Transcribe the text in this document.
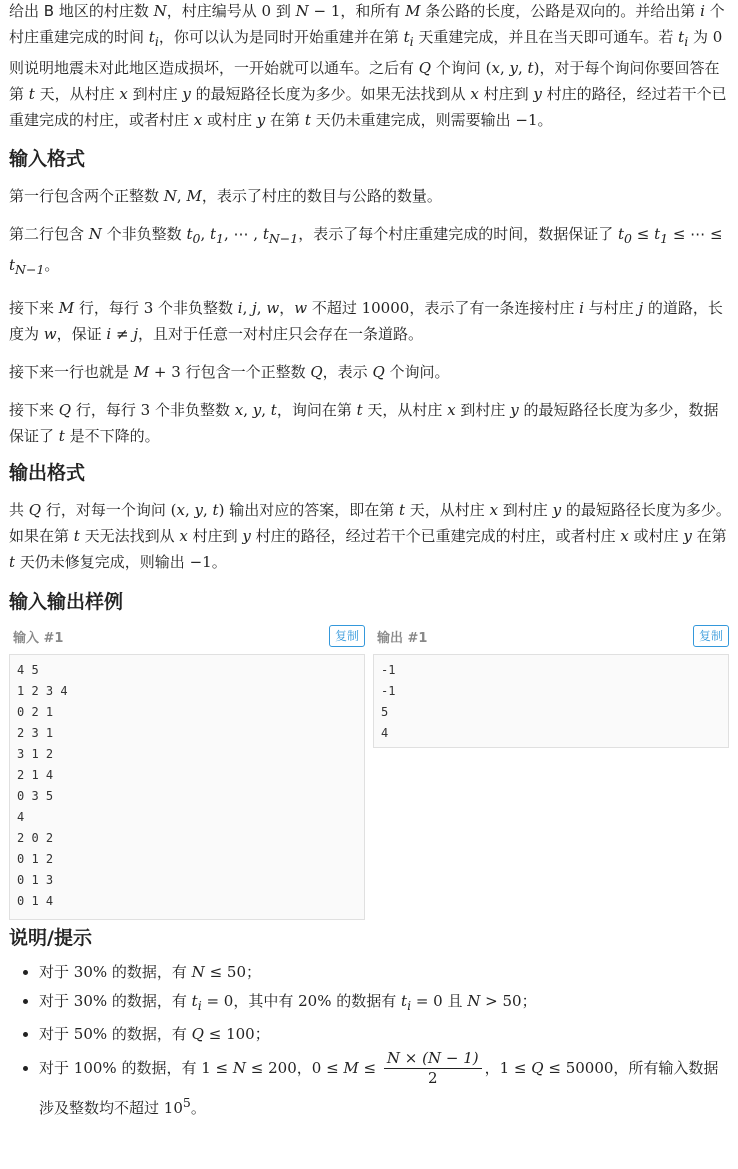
给出 B 地区的村庄数 N，村庄编号从 0 到 N − 1，和所有 M 条公路的长度，公路是双向的。并给出第 i 个村庄重建完成的时间 $t_i$，你可以认为是同时开始重建并在第 $t_i$ 天重建完成，并且在当天即可通车。若 $t_i$ 为 0 则说明地震未对此地区造成损坏，一开始就可以通车。之后有 Q 个询问 (x, y, t)，对于每个询问你要回答在第 t 天，从村庄 x 到村庄 y 的最短路径长度为多少。如果无法找到从 x 村庄到 y 村庄的路径，经过若干个已重建完成的村庄，或者村庄 x 或村庄 y 在第 t 天仍未重建完成，则需要输出 −1。

输入格式

第一行包含两个正整数 N, M，表示了村庄的数目与公路的数量。

第二行包含 N 个非负整数 $t_0$, $t_1$, ⋯ , $t_{N-1}$，表示了每个村庄重建完成的时间，数据保证了 $t_0 \le t_1$ ≤ ⋯ ≤ $t_{N-1}$。

接下来 M 行，每行 3 个非负整数 i, j, w，w 不超过 10000，表示了有一条连接村庄 i 与村庄 j 的道路，长度为 w，保证 i ≠ j，且对于任意一对村庄只会存在一条道路。

接下来一行也就是 M + 3 行包含一个正整数 Q，表示 Q 个询问。

接下来 Q 行，每行 3 个非负整数 x, y, t，询问在第 t 天，从村庄 x 到村庄 y 的最短路径长度为多少，数据保证了 t 是不下降的。

输出格式

共 Q 行，对每一个询问 (x, y, t) 输出对应的答案，即在第 t 天，从村庄 x 到村庄 y 的最短路径长度为多少。如果在第 t 天无法找到从 x 村庄到 y 村庄的路径，经过若干个已重建完成的村庄，或者村庄 x 或村庄 y 在第 t 天仍未修复完成，则输出 −1。

输入输出样例
输入 #1	复制
4 5
1 2 3 4
0 2 1
2 3 1
3 1 2
2 1 4
0 3 5
4
2 0 2
0 1 2
0 1 3
0 1 4
输出 #1	复制
-1
-1
5
4
说明/提示
• 对于 30% 的数据，有 N ≤ 50；
• 对于 30% 的数据，有 $t_i = 0$，其中有 20% 的数据有 $t_i = 0$ 且 N > 50；
• 对于 50% 的数据，有 Q ≤ 100；
• 对于 100% 的数据，有 1 ≤ N ≤ 200，$0 \le M \le \frac{N \times (N - 1)}{2}$ ，1 ≤ Q ≤ 50000，所有输入数据涉及整数均不超过 $10^5$。
